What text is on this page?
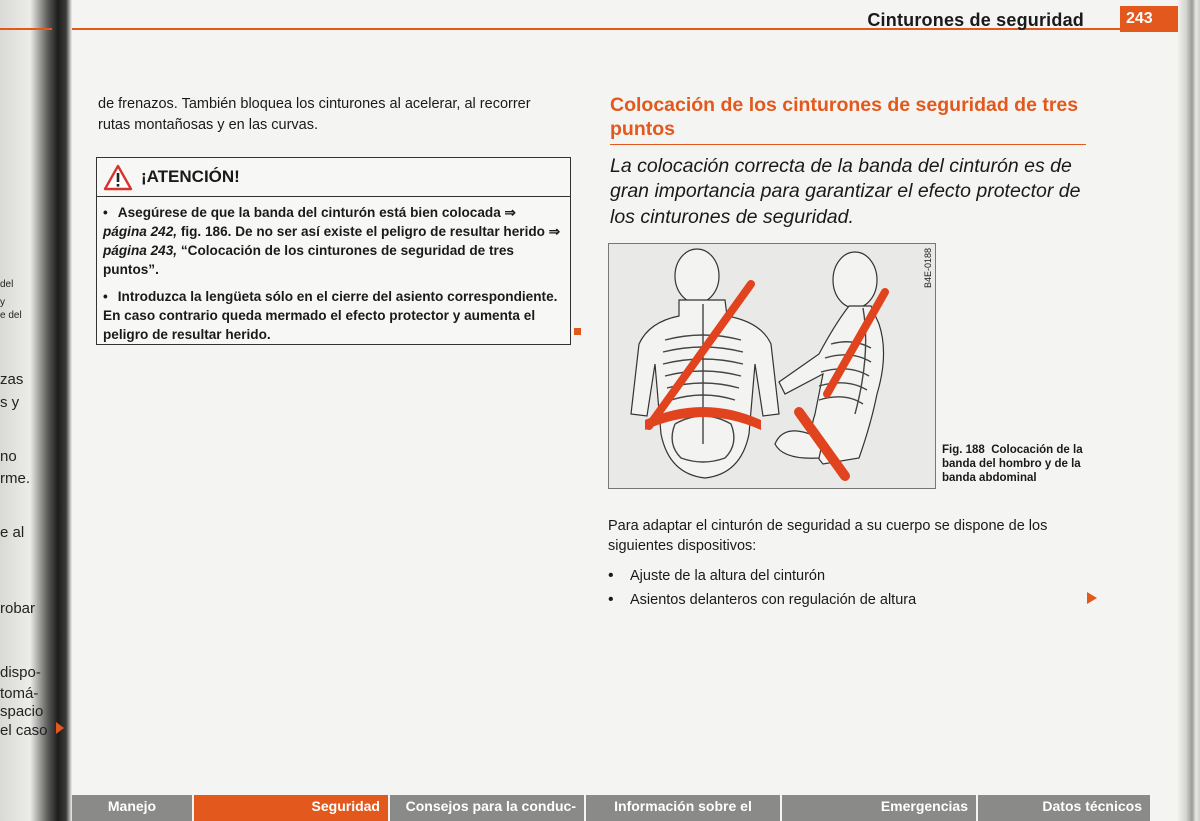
del
y
e del
zas
s y
no
rme.
e al
robar
dispo-
tomá-
spacio
el caso
Cinturones de seguridad	243
de frenazos. También bloquea los cinturones al acelerar, al recorrer
rutas montañosas y en las curvas.
¡ATENCIÓN!

• Asegúrese de que la banda del cinturón está bien colocada ⇒ página 242, fig. 186. De no ser así existe el peligro de resultar herido ⇒ página 243, “Colocación de los cinturones de seguridad de tres puntos”.

• Introduzca la lengüeta sólo en el cierre del asiento correspondiente. En caso contrario queda mermado el efecto protector y aumenta el peligro de resultar herido.

Colocación de los cinturones de seguridad de tres puntos
La colocación correcta de la banda del cinturón es de gran importancia para garantizar el efecto protector de los cinturones de seguridad.
B4E-0188
Fig. 188 Colocación de la banda del hombro y de la banda abdominal
Para adaptar el cinturón de seguridad a su cuerpo se dispone de los siguientes dispositivos:
•	Ajuste de la altura del cinturón
•	Asientos delanteros con regulación de altura
Manejo	Seguridad	Consejos para la conduc-	Información sobre el	Emergencias	Datos técnicos
